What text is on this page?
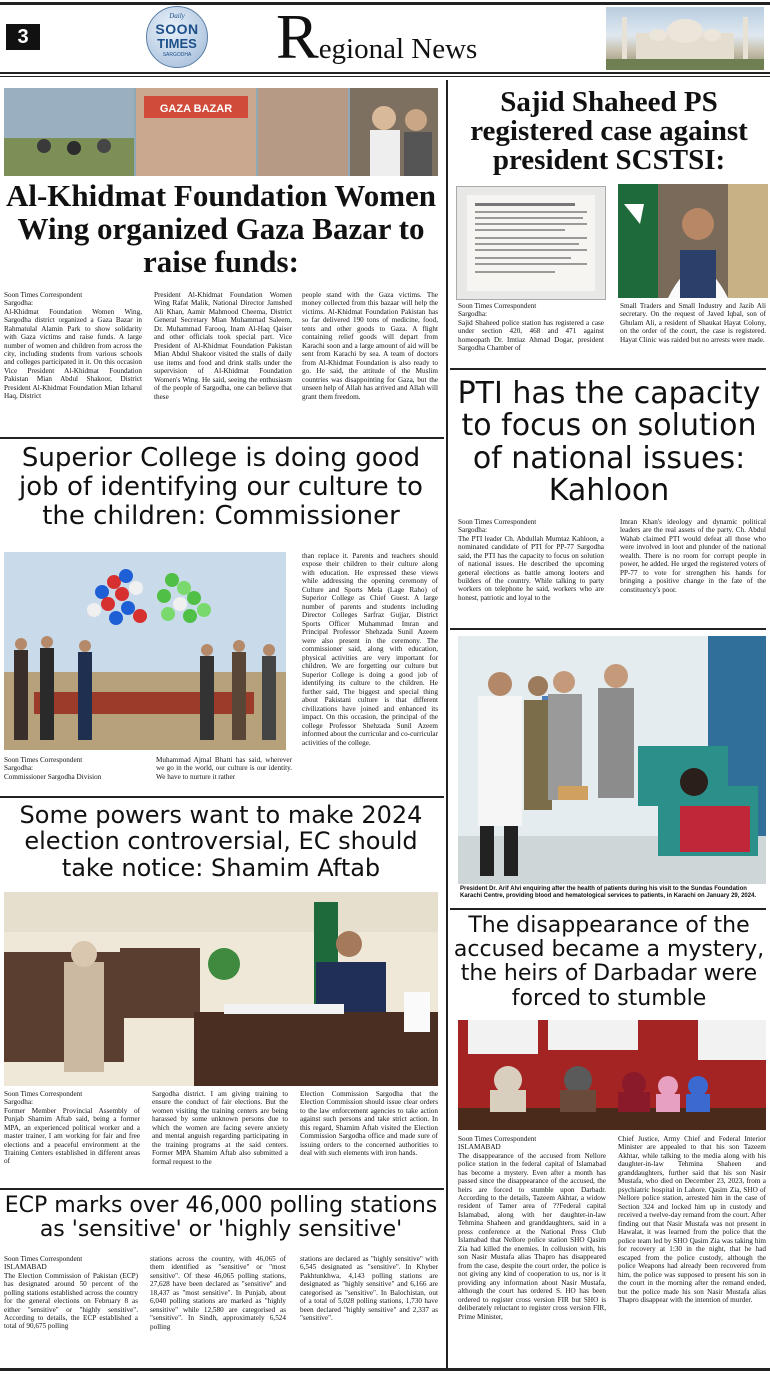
3
Daily
SOON
TIMES
SARGODHA Regional News
GAZA BAZAR
Al-Khidmat Foundation Women Wing organized Gaza Bazar to raise funds:

Soon Times Correspondent

Sargodha:

Al-Khidmat Foundation Women Wing, Sargodha district organized a Gaza Bazar in Rahmatulal Alamin Park to show solidarity with Gaza victims and raise funds. A large number of women and children from across the city, including students from various schools and colleges participated in it. On this occasion Vice President Al-Khidmat Foundation Pakistan Mian Abdul Shakoor, District President Al-Khidmat Foundation Mian Izharul Haq, District

President Al-Khidmat Foundation Women Wing Rafat Malik, National Director Jamshed Ali Khan, Aamir Mahmood Cheema, District General Secretary Mian Muhammad Saleem, Dr. Muhammad Farooq, Inam Al-Haq Qaiser and other officials took special part. Vice President of Al-Khidmat Foundation Pakistan Mian Abdul Shakoor visited the stalls of daily use items and food and drink stalls under the supervision of Al-Khidmat Foundation Women's Wing. He said, seeing the enthusiasm of the people of Sargodha, one can believe that these

people stand with the Gaza victims. The money collected from this bazaar will help the victims. Al-Khidmat Foundation Pakistan has so far delivered 190 tons of medicine, food, tents and other goods to Gaza. A flight containing relief goods will depart from Karachi soon and a large amount of aid will be sent from Karachi by sea. A team of doctors from Al-Khidmat Foundation is also ready to go. He said, the attitude of the Muslim countries was disappointing for Gaza, but the unseen help of Allah has arrived and Allah will grant them freedom.

Sajid Shaheed PS registered case against president SCSTSI:

Soon Times Correspondent

Sargodha:

Sajid Shaheed police station has registered a case under section 420, 468 and 471 against homeopath Dr. Imtiaz Ahmad Dogar, president Sargodha Chamber of

Small Traders and Small Industry and Jazib Ali secretary. On the request of Javed Iqbal, son of Ghulam Ali, a resident of Shaukat Hayat Colony, on the order of the court, the case is registered. Hayat Clinic was raided but no arrests were made.

Superior College is doing good job of identifying our culture to the children: Commissioner

Soon Times Correspondent

Sargodha:

Commissioner Sargodha Division

Muhammad Ajmal Bhatti has said, wherever we go in the world, our culture is our identity. We have to nurture it rather

than replace it. Parents and teachers should expose their children to their culture along with education. He expressed these views while addressing the opening ceremony of Culture and Sports Mela (Lage Raho) of Superior College as Chief Guest. A large number of parents and students including Director Colleges Sarfraz Gujjar, District Sports Officer Muhammad Imran and Principal Professor Shehzada Sunil Azeem were also present in the ceremony. The commissioner said, along with education, physical activities are very important for children. We are forgetting our culture but Superior College is doing a good job of identifying its culture to the children. He further said, The biggest and special thing about Pakistani culture is that different civilizations have joined and enhanced its impact. On this occasion, the principal of the college Professor Shehzada Sunil Azeem informed about the curricular and co-curricular activities of the college.

PTI has the capacity to focus on solution of national issues: Kahloon

Soon Times Correspondent

Sargodha:

The PTI leader Ch. Abdullah Mumtaz Kahloon, a nominated candidate of PTI for PP-77 Sargodha said, the PTI has the capacity to focus on solution of national issues. He described the upcoming general elections as battle among looters and builders of the country. While talking to party workers on telephone he said, workers who are honest, patriotic and loyal to the

Imran Khan's ideology and dynamic political leaders are the real assets of the party. Ch. Abdul Wahab claimed PTI would defeat all those who were involved in loot and plunder of the national wealth. There is no room for corrupt people in power, he added. He urged the registered voters of PP-77 to vote for strengthen his hands for bringing a positive change in the fate of the constituency's poor.

President Dr. Arif Alvi enquiring after the health of patients during his visit to the Sundas Foundation Karachi Centre, providing blood and hematological services to patients, in Karachi on January 29, 2024.
Some powers want to make 2024 election controversial, EC should take notice: Shamim Aftab

Soon Times Correspondent

Sargodha:

Former Member Provincial Assembly of Punjab Shamim Aftab said, being a former MPA, an experienced political worker and a master trainer, I am working for fair and free elections and a peaceful environment at the Training Centers established in different areas of

Sargodha district. I am giving training to ensure the conduct of fair elections. But the women visiting the training centers are being harassed by some unknown persons due to which the women are facing severe anxiety and mental anguish regarding participating in the training programs at the said centers. Former MPA Shamim Aftab also submitted a formal request to the

Election Commission Sargodha that the Election Commission should issue clear orders to the law enforcement agencies to take action against such persons and take strict action. In this regard, Shamim Aftab visited the Election Commission Sargodha office and made sure of issuing orders to the concerned authorities to deal with such elements with iron hands.

The disappearance of the accused became a mystery, the heirs of Darbadar were forced to stumble

Soon Times Correspondent

ISLAMABAD

The disappearance of the accused from Nellore police station in the federal capital of Islamabad has become a mystery. Even after a month has passed since the disappearance of the accused, the heirs are forced to stumble upon Darbadr. According to the details, Tazeem Akhtar, a widow resident of Tamer area of ??Federal capital Islamabad, along with her daughter-in-law Tehmina Shaheen and granddaughters, said in a press conference at the National Press Club Islamabad that Nellore police station SHO Qasim Zia had killed the enemies. In collusion with, his son Nasir Mustafa alias Thapro has disappeared from the case, despite the court order, the police is not giving any kind of cooperation to us, nor is it providing any information about Nasir Mustafa, although the court has ordered S. HO has been ordered to register cross version FIR but SHO is deliberately reluctant to register cross version FIR, Prime Minister,

Chief Justice, Army Chief and Federal Interior Minister are appealed to that his son Tazeem Akhtar, while talking to the media along with his daughter-in-law Tehmina Shaheen and granddaughters, further said that his son Nasir Mustafa, who died on December 23, 2023, from a psychiatric hospital in Lahore. Qasim Zia, SHO of Nellore police station, arrested him in the case of Section 324 and locked him up in custody and received a twelve-day remand from the court. After finding out that Nasir Mustafa was not present in Hawalat, it was learned from the police that the police team led by SHO Qasim Zia was taking him for recovery at 1:30 in the night, that he had escaped from the police custody, although the police Weapons had already been recovered from him, the police was supposed to present his son in the court in the morning after the remand ended, but the police made his son Nasir Mustafa alias Thapro disappear with the intention of murder.

ECP marks over 46,000 polling stations as 'sensitive' or 'highly sensitive'

Soon Times Correspondent

ISLAMABAD

The Election Commission of Pakistan (ECP) has designated around 50 percent of the polling stations established across the country for the general elections on February 8 as either "sensitive" or "highly sensitive". According to details, the ECP established a total of 90,675 polling

stations across the country, with 46,065 of them identified as "sensitive" or "most sensitive". Of these 46,065 polling stations, 27,628 have been declared as "sensitive" and 18,437 as "most sensitive". In Punjab, about 6,040 polling stations are marked as "highly sensitive" while 12,580 are categorised as "sensitive". In Sindh, approximately 6,524 polling

stations are declared as "highly sensitive" with 6,545 designated as "sensitive". In Khyber Pakhtunkhwa, 4,143 polling stations are designated as "highly sensitive" and 6,166 are categorised as "sensitive". In Balochistan, out of a total of 5,028 polling stations, 1,730 have been declared "highly sensitive" and 2,337 as "sensitive".
